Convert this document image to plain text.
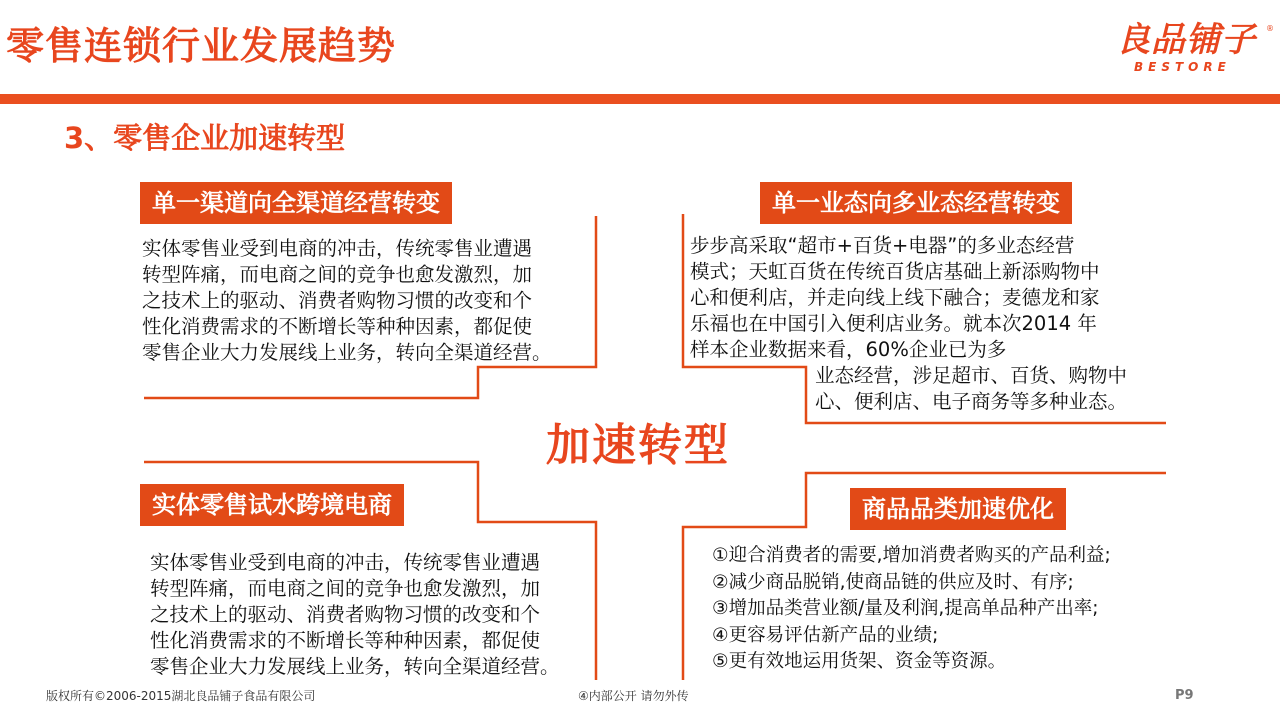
零售连锁行业发展趋势	良品铺子
BESTORE
®
3、零售企业加速转型
单一渠道向全渠道经营转变
实体零售业受到电商的冲击，传统零售业遭遇
转型阵痛，而电商之间的竞争也愈发激烈，加
之技术上的驱动、消费者购物习惯的改变和个
性化消费需求的不断增长等种种因素，都促使
零售企业大力发展线上业务，转向全渠道经营。
单一业态向多业态经营转变
步步高采取“超市+百货+电器”的多业态经营
模式；天虹百货在传统百货店基础上新添购物中
心和便利店，并走向线上线下融合；麦德龙和家
乐福也在中国引入便利店业务。就本次2014 年
样本企业数据来看，60%企业已为多
业态经营，涉足超市、百货、购物中
心、便利店、电子商务等多种业态。
加速转型
实体零售试水跨境电商
实体零售业受到电商的冲击，传统零售业遭遇
转型阵痛，而电商之间的竞争也愈发激烈，加
之技术上的驱动、消费者购物习惯的改变和个
性化消费需求的不断增长等种种因素，都促使
零售企业大力发展线上业务，转向全渠道经营。
商品品类加速优化
①迎合消费者的需要,增加消费者购买的产品利益;
②减少商品脱销,使商品链的供应及时、有序;
③增加品类营业额/量及利润,提高单品种产出率;
④更容易评估新产品的业绩;
⑤更有效地运用货架、资金等资源。
版权所有©2006-2015湖北良品铺子食品有限公司	④内部公开 请勿外传	P9
